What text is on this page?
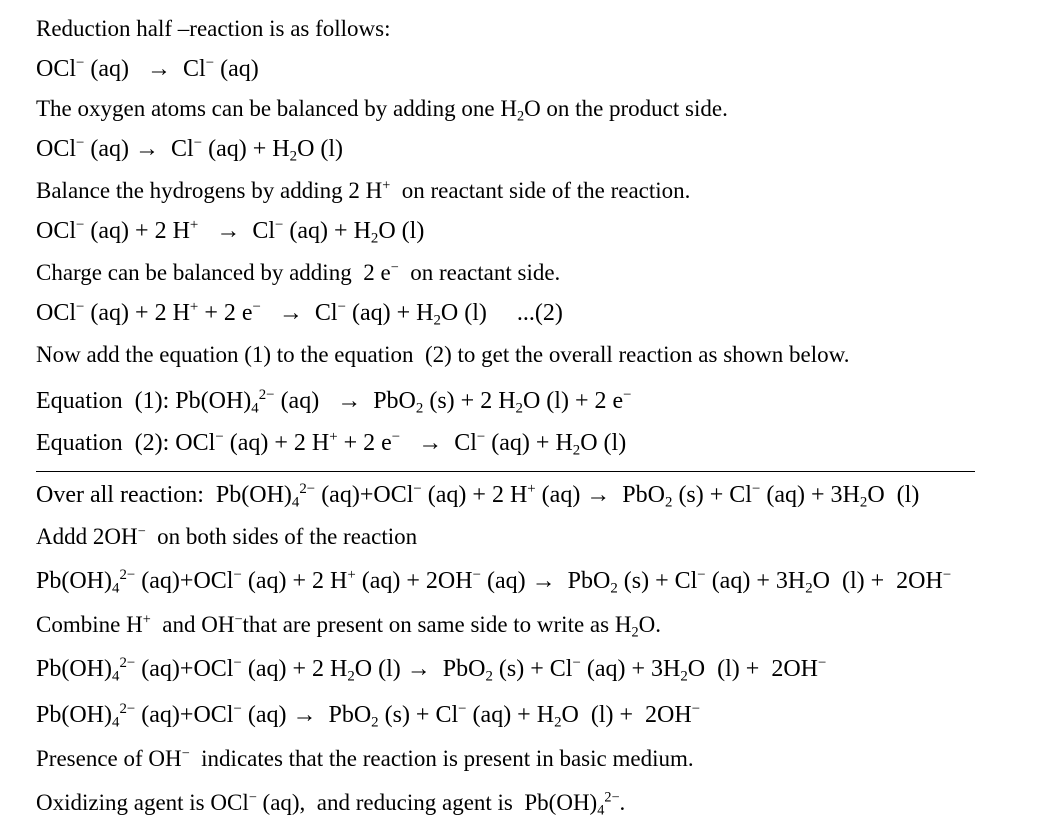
Reduction half –reaction is as follows:
OCl− (aq)   →  Cl− (aq)
The oxygen atoms can be balanced by adding one $H_2O$ on the product side.
OCl− (aq) →  Cl− $(aq) + H_2O$ (l)
Balance the hydrogens by adding 2 H+  on reactant side of the reaction.
OCl− (aq) + 2 H+   →  Cl− $(aq) + H_2O$ (l)
Charge can be balanced by adding  2 e−  on reactant side.
OCl− (aq) + 2 H+ + 2 e−   →  Cl− $(aq) + H_2O$ (l)     ...(2)
Now add the equation (1) to the equation  (2) to get the overall reaction as shown below.
Equation  (1): $Pb(OH)_4^{2-}$ (aq)   →  PbO$_2$ (s) + 2 $H_2O$ (l) + 2 e−
Equation  (2): OCl− (aq) + 2 H+ + 2 e−   →  Cl− $(aq) + H_2O$ (l)
Over all reaction:  $Pb(OH)_4^{2-}$ (aq)+OCl− (aq) + 2 H+ (aq) →  PbO$_2$ (s) + Cl− $(aq) + 3H_2O$  (l)
Addd 2OH−  on both sides of the reaction
$Pb(OH)_4^{2-}$ (aq)+OCl− (aq) + 2 H+ (aq) + 2OH− (aq) →  PbO$_2$ (s) + Cl− $(aq) + 3H_2O$  (l) +  2OH−
Combine H+  and OH−that are present on same side to write as $H_2O$.
$Pb(OH)_4^{2-}$ (aq)+OCl− (aq) + 2 $H_2O$ (l) →  PbO$_2$ (s) + Cl− $(aq) + 3H_2O$  (l) +  2OH−
$Pb(OH)_4^{2-}$ (aq)+OCl− (aq) →  PbO$_2$ (s) + Cl− $(aq) + H_2O$  (l) +  2OH−
Presence of OH−  indicates that the reaction is present in basic medium.
Oxidizing agent is OCl− (aq),  and reducing agent is  $Pb(OH)_4^{2-}$.
